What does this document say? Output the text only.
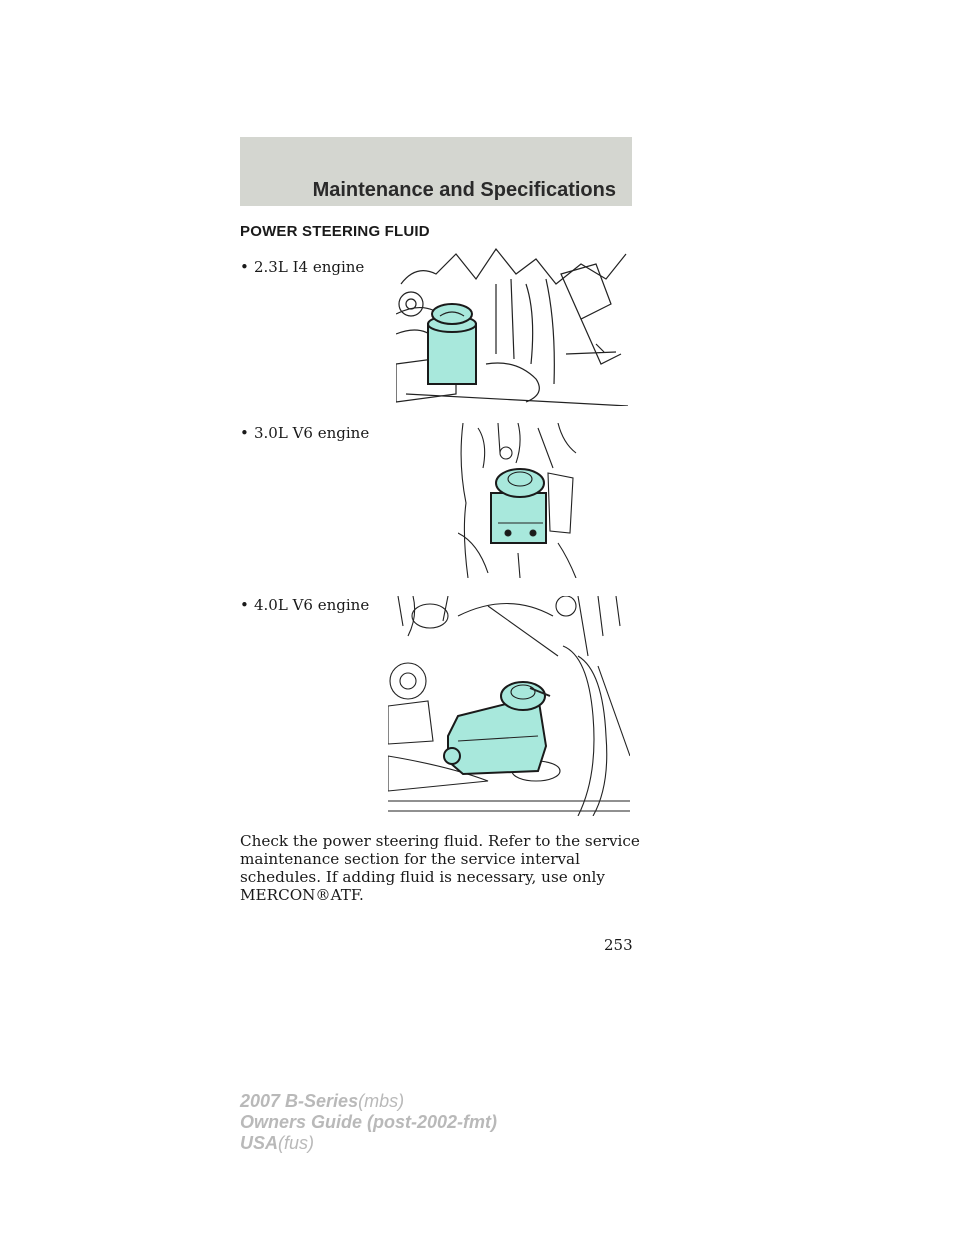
Maintenance and Specifications
POWER STEERING FLUID
• 2.3L I4 engine
• 3.0L V6 engine
• 4.0L V6 engine
Check the power steering fluid. Refer to the service maintenance section for the service interval schedules. If adding fluid is necessary, use only MERCON®ATF.
253
2007 B-Series(mbs)
Owners Guide (post-2002-fmt)
USA(fus)
